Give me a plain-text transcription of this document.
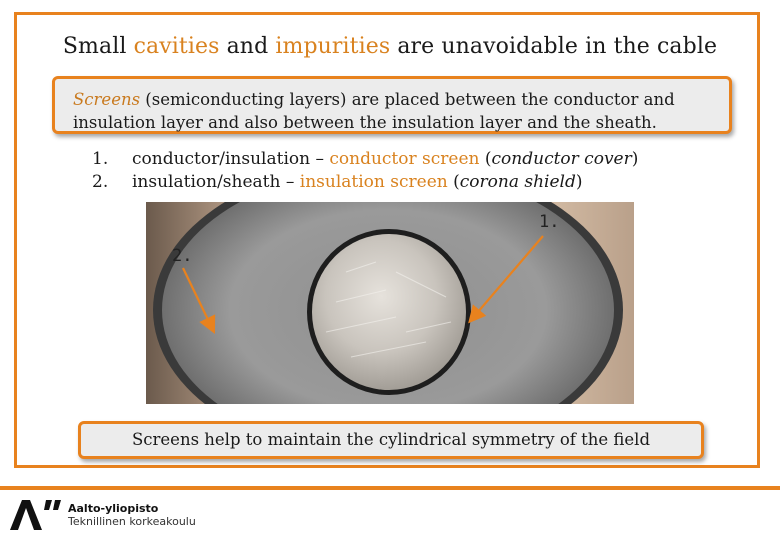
Small cavities and impurities are unavoidable in the cable
Screens (semiconducting layers) are placed between the conductor and
insulation layer and also between the insulation layer and the sheath.
1.	conductor/insulation – conductor screen (conductor cover)
2.	insulation/sheath – insulation screen (corona shield)
1.
2.
Screens help to maintain the cylindrical symmetry of the field
Aalto-yliopisto
Teknillinen korkeakoulu
